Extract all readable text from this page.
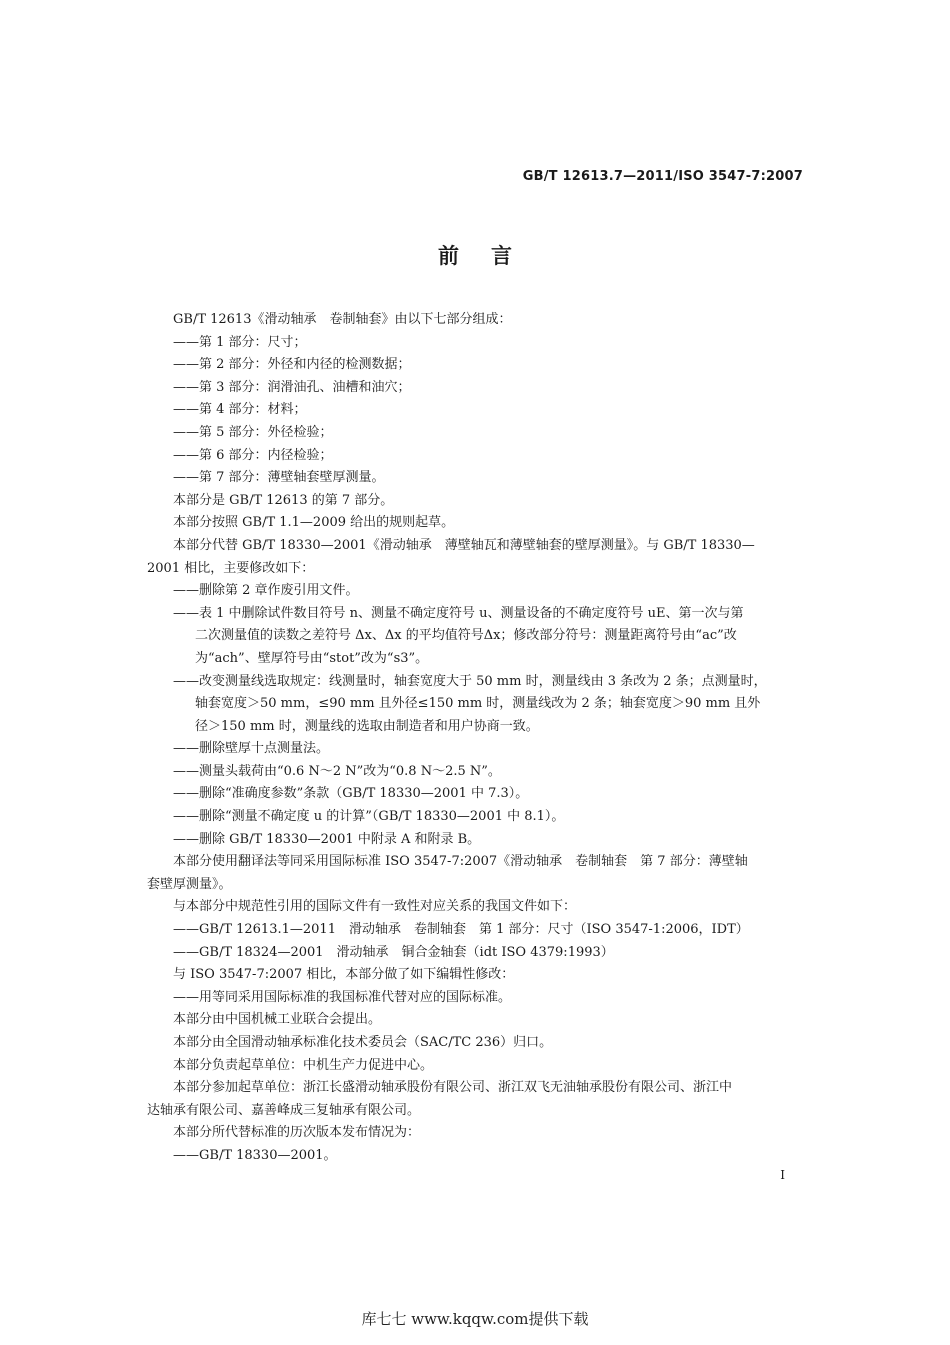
GB/T 12613.7—2011/ISO 3547-7:2007
前言

GB/T 12613《滑动轴承　卷制轴套》由以下七部分组成：

——第 1 部分：尺寸；

——第 2 部分：外径和内径的检测数据；

——第 3 部分：润滑油孔、油槽和油穴；

——第 4 部分：材料；

——第 5 部分：外径检验；

——第 6 部分：内径检验；

——第 7 部分：薄壁轴套壁厚测量。

本部分是 GB/T 12613 的第 7 部分。

本部分按照 GB/T 1.1—2009 给出的规则起草。

本部分代替 GB/T 18330—2001《滑动轴承　薄壁轴瓦和薄壁轴套的壁厚测量》。与 GB/T 18330—

2001 相比，主要修改如下：

——删除第 2 章作废引用文件。

——表 1 中删除试件数目符号 n、测量不确定度符号 u、测量设备的不确定度符号 uE、第一次与第

二次测量值的读数之差符号 Δx、Δx 的平均值符号Δx；修改部分符号：测量距离符号由“ac”改

为“ach”、壁厚符号由“stot”改为“s3”。

——改变测量线选取规定：线测量时，轴套宽度大于 50 mm 时，测量线由 3 条改为 2 条；点测量时，

轴套宽度＞50 mm，≤90 mm 且外径≤150 mm 时，测量线改为 2 条；轴套宽度＞90 mm 且外

径＞150 mm 时，测量线的选取由制造者和用户协商一致。

——删除壁厚十点测量法。

——测量头载荷由“0.6 N～2 N”改为“0.8 N～2.5 N”。

——删除“准确度参数”条款（GB/T 18330—2001 中 7.3）。

——删除“测量不确定度 u 的计算”（GB/T 18330—2001 中 8.1）。

——删除 GB/T 18330—2001 中附录 A 和附录 B。

本部分使用翻译法等同采用国际标准 ISO 3547-7:2007《滑动轴承　卷制轴套　第 7 部分：薄壁轴

套壁厚测量》。

与本部分中规范性引用的国际文件有一致性对应关系的我国文件如下：

——GB/T 12613.1—2011　滑动轴承　卷制轴套　第 1 部分：尺寸（ISO 3547-1:2006，IDT）

——GB/T 18324—2001　滑动轴承　铜合金轴套（idt ISO 4379:1993）

与 ISO 3547-7:2007 相比，本部分做了如下编辑性修改：

——用等同采用国际标准的我国标准代替对应的国际标准。

本部分由中国机械工业联合会提出。

本部分由全国滑动轴承标准化技术委员会（SAC/TC 236）归口。

本部分负责起草单位：中机生产力促进中心。

本部分参加起草单位：浙江长盛滑动轴承股份有限公司、浙江双飞无油轴承股份有限公司、浙江中

达轴承有限公司、嘉善峰成三复轴承有限公司。

本部分所代替标准的历次版本发布情况为：

——GB/T 18330—2001。

I
库七七 www.kqqw.com提供下载
